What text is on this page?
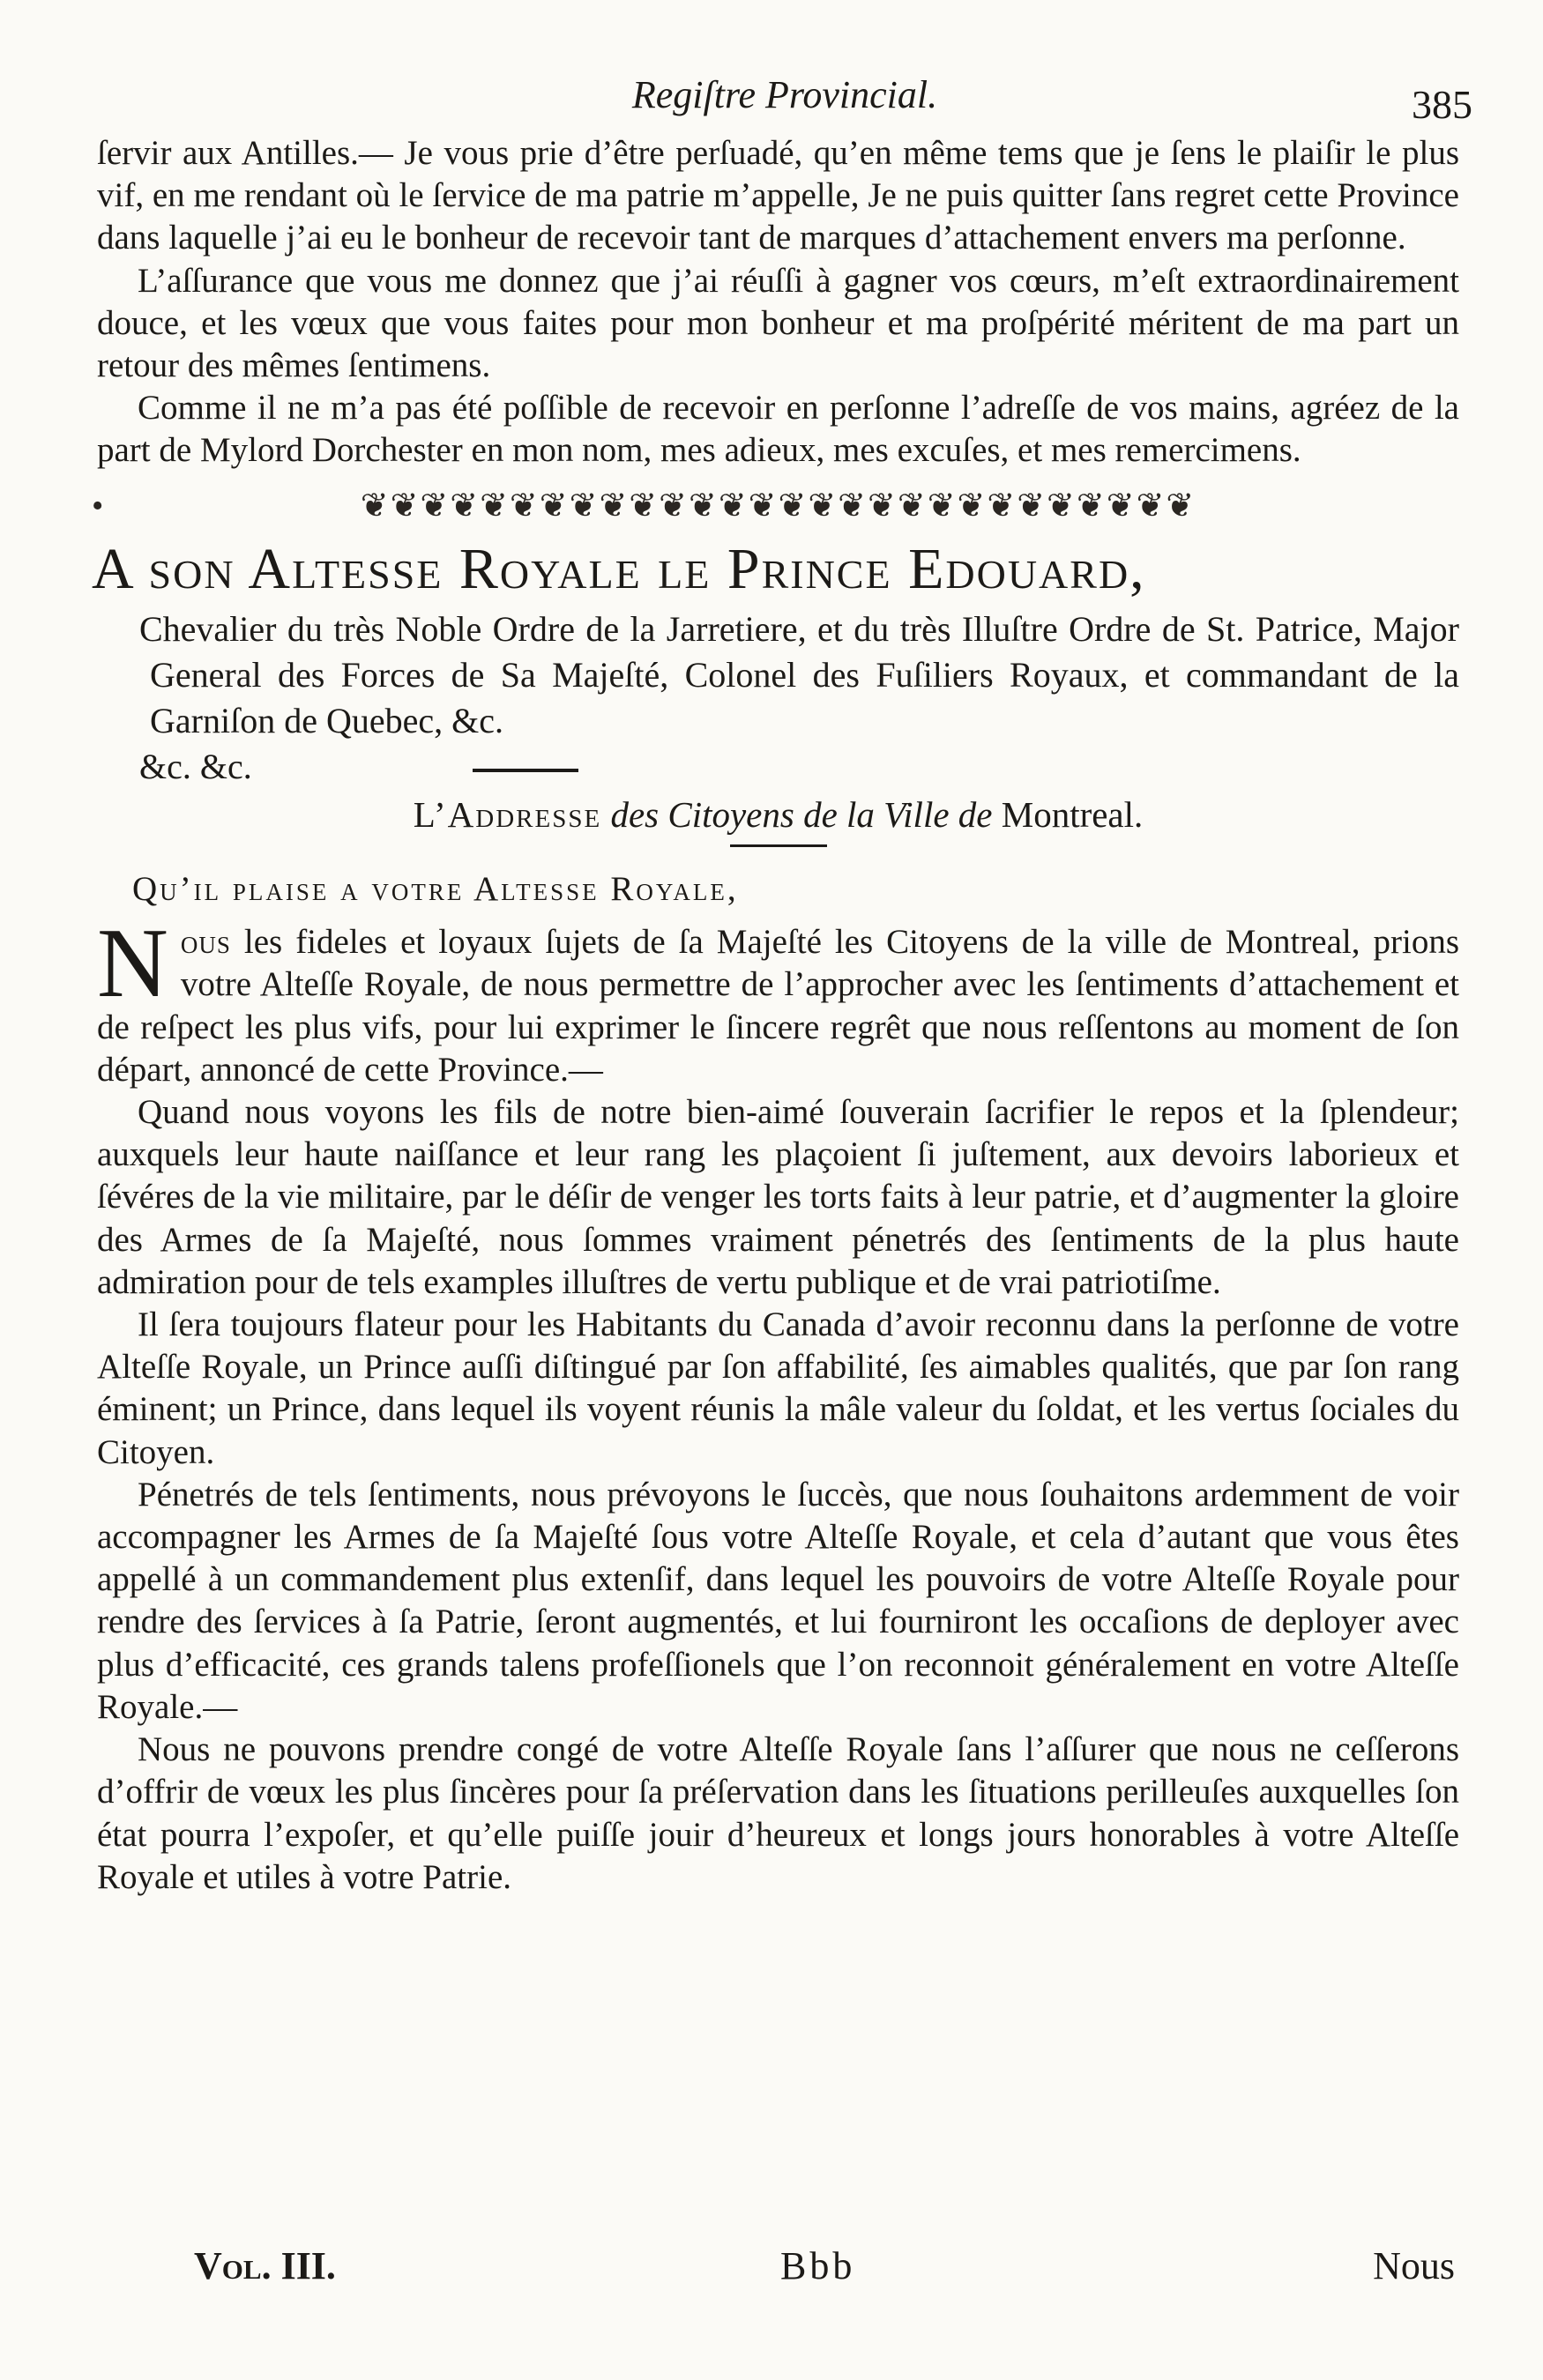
Regiſtre Provincial.	385

ſervir aux Antilles.— Je vous prie d’être perſuadé, qu’en même tems que je ſens le plaiſir le plus vif, en me rendant où le ſervice de ma patrie m’appelle, Je ne puis quitter ſans regret cette Province dans laquelle j’ai eu le bonheur de recevoir tant de marques d’attachement envers ma perſonne.

L’aſſurance que vous me donnez que j’ai réuſſi à gagner vos cœurs, m’eſt extraordinairement douce, et les vœux que vous faites pour mon bonheur et ma proſpérité méritent de ma part un retour des mêmes ſentimens.

Comme il ne m’a pas été poſſible de recevoir en perſonne l’adreſſe de vos mains, agréez de la part de Mylord Dorchester en mon nom, mes adieux, mes excuſes, et mes remercimens.

•	❦❦❦❦❦❦❦❦❦❦❦❦❦❦❦❦❦❦❦❦❦❦❦❦❦❦❦❦
A ſon Altesse Royale le Prince Edouard,
Chevalier du très Noble Ordre de la Jarretiere, et du très Illuſtre Ordre de St. Patrice, Major General des Forces de Sa Majeſté, Colonel des Fuſiliers Royaux, et commandant de la Garniſon de Quebec, &c.
&c. &c.
L’Addresse des Citoyens de la Ville de Montreal.
Qu’il plaise a votre Altesse Royale,

Nous les fideles et loyaux ſujets de ſa Majeſté les Citoyens de la ville de Montreal, prions votre Alteſſe Royale, de nous permettre de l’approcher avec les ſentiments d’attachement et de reſpect les plus vifs, pour lui exprimer le ſincere regrêt que nous reſſentons au moment de ſon départ, annoncé de cette Province.—

Quand nous voyons les fils de notre bien-aimé ſouverain ſacrifier le repos et la ſplendeur; auxquels leur haute naiſſance et leur rang les plaçoient ſi juſtement, aux devoirs laborieux et ſévéres de la vie militaire, par le déſir de venger les torts faits à leur patrie, et d’augmenter la gloire des Armes de ſa Majeſté, nous ſommes vraiment pénetrés des ſentiments de la plus haute admiration pour de tels examples illuſtres de vertu publique et de vrai patriotiſme.

Il ſera toujours flateur pour les Habitants du Canada d’avoir reconnu dans la perſonne de votre Alteſſe Royale, un Prince auſſi diſtingué par ſon affabilité, ſes aimables qualités, que par ſon rang éminent; un Prince, dans lequel ils voyent réunis la mâle valeur du ſoldat, et les vertus ſociales du Citoyen.

Pénetrés de tels ſentiments, nous prévoyons le ſuccès, que nous ſouhaitons ardemment de voir accompagner les Armes de ſa Majeſté ſous votre Alteſſe Royale, et cela d’autant que vous êtes appellé à un commandement plus extenſif, dans lequel les pouvoirs de votre Alteſſe Royale pour rendre des ſervices à ſa Patrie, ſeront augmentés, et lui fourniront les occaſions de deployer avec plus d’efficacité, ces grands talens profeſſionels que l’on reconnoit généralement en votre Alteſſe Royale.—

Nous ne pouvons prendre congé de votre Alteſſe Royale ſans l’aſſurer que nous ne ceſſerons d’offrir de vœux les plus ſincères pour ſa préſervation dans les ſituations perilleuſes auxquelles ſon état pourra l’expoſer, et qu’elle puiſſe jouir d’heureux et longs jours honorables à votre Alteſſe Royale et utiles à votre Patrie.

Vol. III.	Bbb	Nous
